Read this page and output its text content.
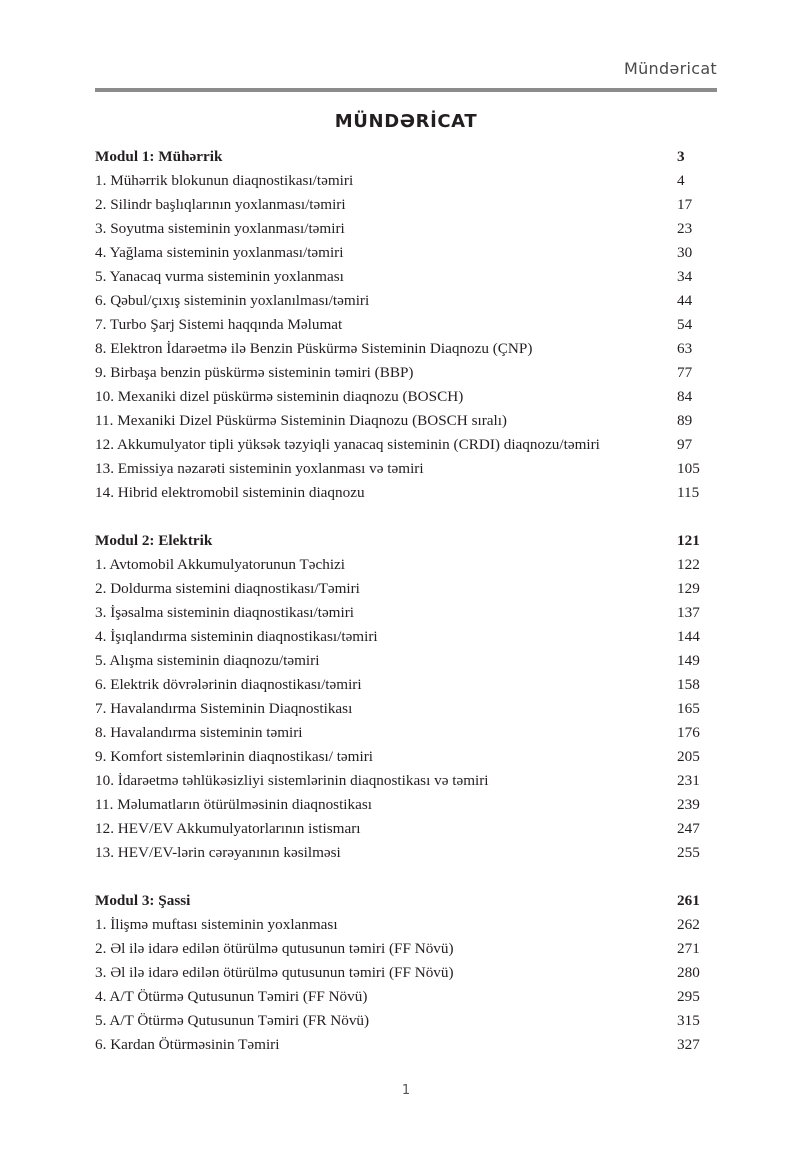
Mündəricat
MÜNDƏRİCAT
Modul 1: Mühərrik	3
1. Mühərrik blokunun diaqnostikası/təmiri	4
2. Silindr başlıqlarının yoxlanması/təmiri	17
3. Soyutma sisteminin yoxlanması/təmiri	23
4. Yağlama sisteminin yoxlanması/təmiri	30
5. Yanacaq vurma sisteminin yoxlanması	34
6. Qəbul/çıxış sisteminin yoxlanılması/təmiri	44
7. Turbo Şarj Sistemi haqqında Məlumat	54
8. Elektron İdarəetmə ilə Benzin Püskürmə Sisteminin Diaqnozu (ÇNP)	63
9. Birbaşa benzin püskürmə sisteminin təmiri (BBP)	77
10. Mexaniki dizel püskürmə sisteminin diaqnozu (BOSCH)	84
11. Mexaniki Dizel Püskürmə Sisteminin Diaqnozu (BOSCH sıralı)	89
12. Akkumulyator tipli yüksək təzyiqli yanacaq sisteminin (CRDI) diaqnozu/təmiri	97
13. Emissiya nəzarəti sisteminin yoxlanması və təmiri	105
14. Hibrid elektromobil sisteminin diaqnozu	115
Modul 2: Elektrik	121
1. Avtomobil Akkumulyatorunun Təchizi	122
2. Doldurma sistemini diaqnostikası/Təmiri	129
3. İşəsalma sisteminin diaqnostikası/təmiri	137
4. İşıqlandırma sisteminin diaqnostikası/təmiri	144
5. Alışma sisteminin diaqnozu/təmiri	149
6. Elektrik dövrələrinin diaqnostikası/təmiri	158
7. Havalandırma Sisteminin Diaqnostikası	165
8. Havalandırma sisteminin təmiri	176
9. Komfort sistemlərinin diaqnostikası/ təmiri	205
10. İdarəetmə təhlükəsizliyi sistemlərinin diaqnostikası və təmiri	231
11. Məlumatların ötürülməsinin diaqnostikası	239
12. HEV/EV Akkumulyatorlarının istismarı	247
13. HEV/EV-lərin cərəyanının kəsilməsi	255
Modul 3: Şassi	261
1. İlişmə muftası sisteminin yoxlanması	262
2. Əl ilə idarə edilən ötürülmə qutusunun təmiri (FF Növü)	271
3. Əl ilə idarə edilən ötürülmə qutusunun təmiri (FF Növü)	280
4. A/T Ötürmə Qutusunun Təmiri (FF Növü)	295
5. A/T Ötürmə Qutusunun Təmiri (FR Növü)	315
6. Kardan Ötürməsinin Təmiri	327
1
